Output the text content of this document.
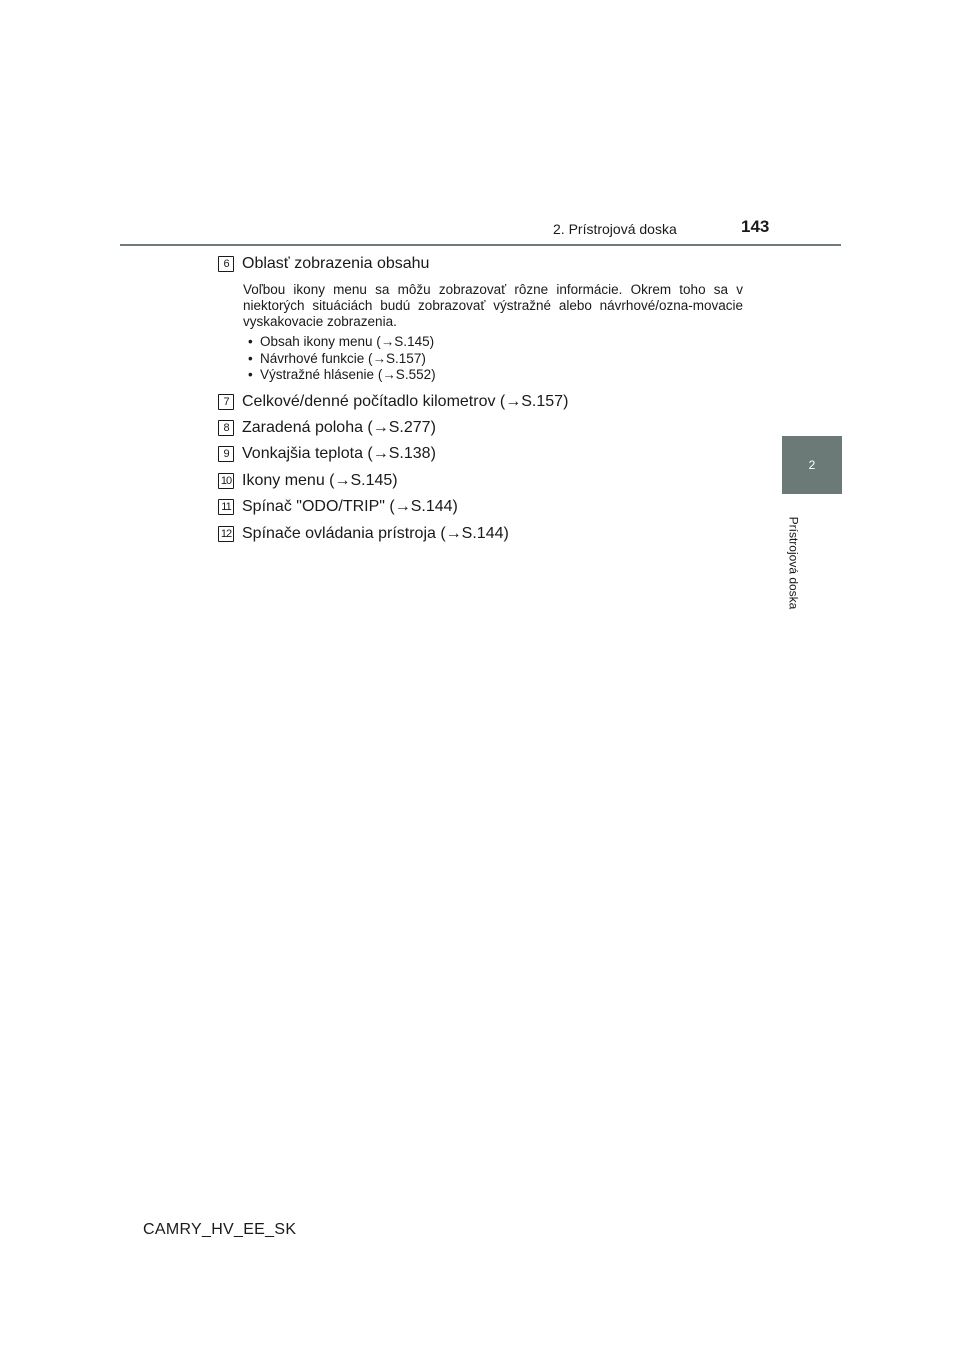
2. Prístrojová doska	143
2
Prístrojová doska
6 Oblasť zobrazenia obsahu
Voľbou ikony menu sa môžu zobrazovať rôzne informácie. Okrem toho sa v niektorých situáciách budú zobrazovať výstražné alebo návrhové/ozna-movacie vyskakovacie zobrazenia.
• Obsah ikony menu (→S.145)
• Návrhové funkcie (→S.157)
• Výstražné hlásenie (→S.552)
7 Celkové/denné počítadlo kilometrov (→S.157)
8 Zaradená poloha (→S.277)
9 Vonkajšia teplota (→S.138)
10 Ikony menu (→S.145)
11 Spínač "ODO/TRIP" (→S.144)
12 Spínače ovládania prístroja (→S.144)
CAMRY_HV_EE_SK
